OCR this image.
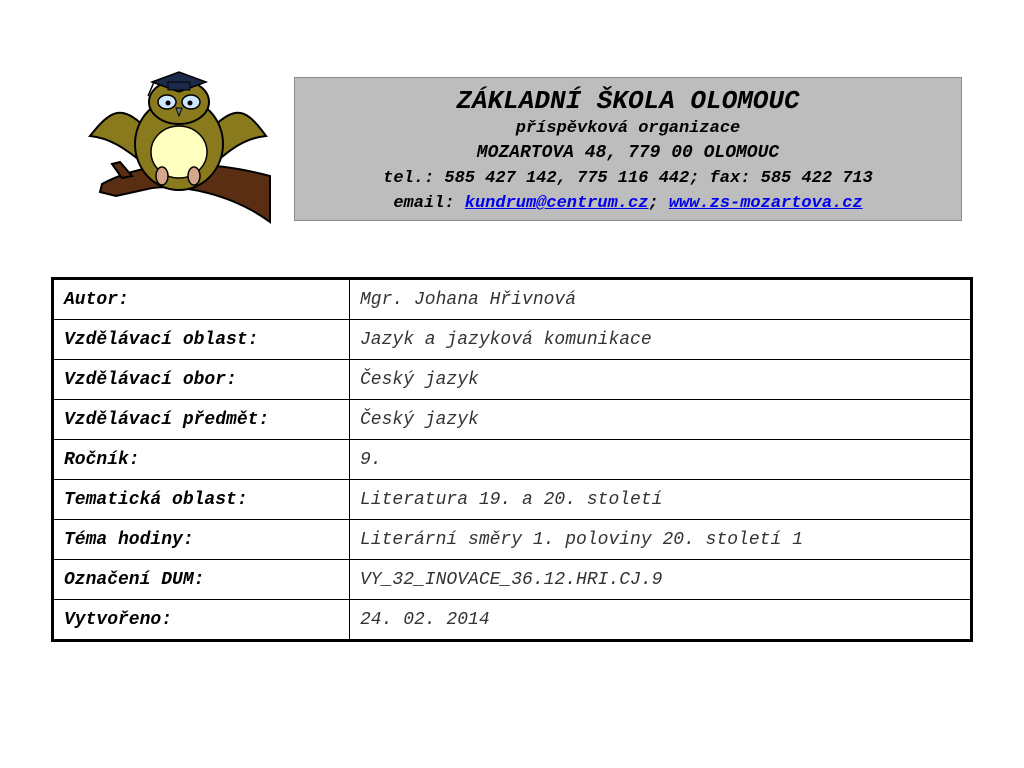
ZÁKLADNÍ ŠKOLA OLOMOUC
příspěvková organizace
MOZARTOVA 48, 779 00 OLOMOUC
tel.: 585 427 142, 775 116 442; fax: 585 422 713
email: kundrum@centrum.cz; www.zs-mozartova.cz
Autor:	Mgr. Johana Hřivnová
Vzdělávací oblast:	Jazyk a jazyková komunikace
Vzdělávací obor:	Český jazyk
Vzdělávací předmět:	Český jazyk
Ročník:	9.
Tematická oblast:	Literatura 19. a 20. století
Téma hodiny:	Literární směry 1. poloviny 20. století 1
Označení DUM:	VY_32_INOVACE_36.12.HRI.CJ.9
Vytvořeno:	24. 02. 2014
